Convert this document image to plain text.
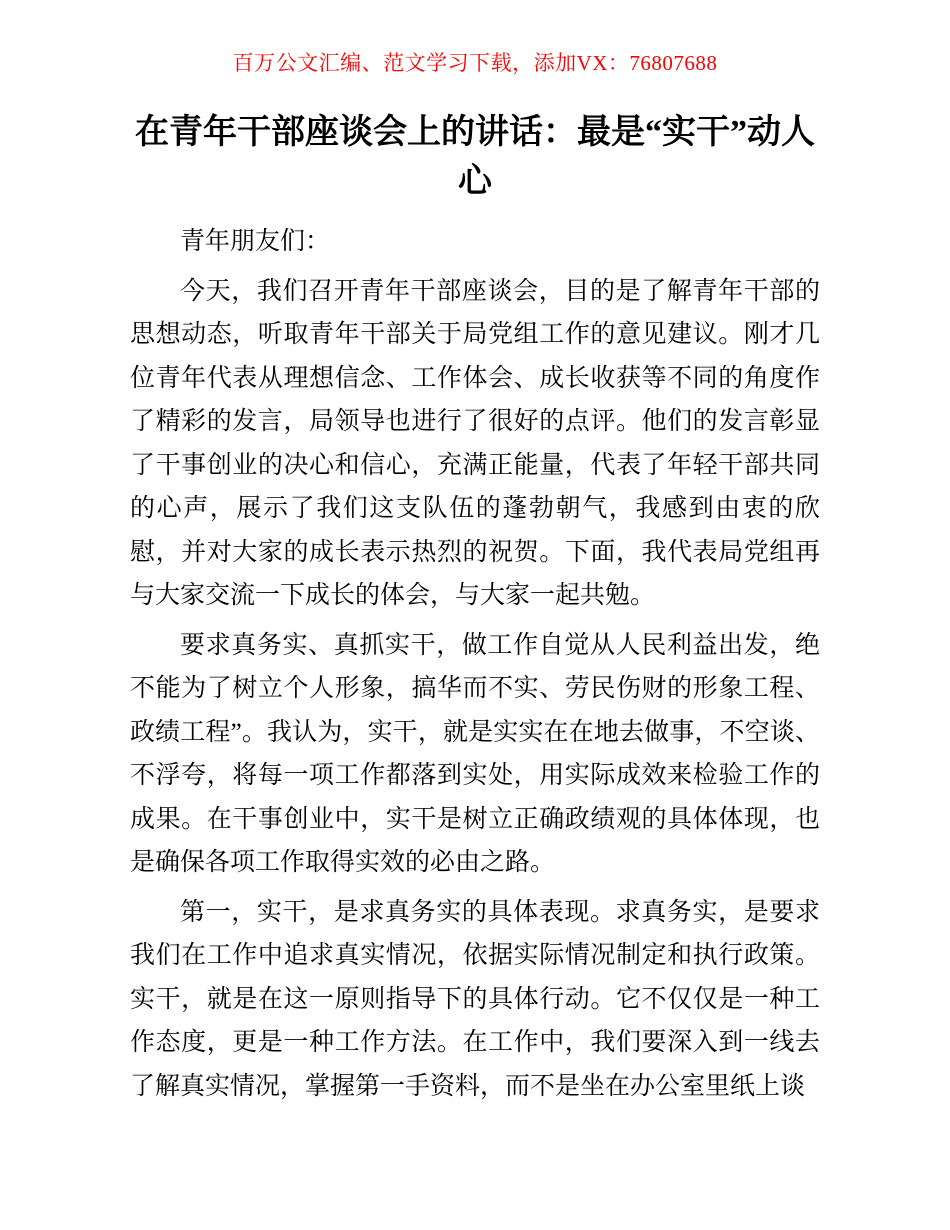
百万公文汇编、范文学习下载，添加VX：76807688
在青年干部座谈会上的讲话：最是“实干”动人心

青年朋友们：

今天，我们召开青年干部座谈会，目的是了解青年干部的思想动态，听取青年干部关于局党组工作的意见建议。刚才几位青年代表从理想信念、工作体会、成长收获等不同的角度作了精彩的发言，局领导也进行了很好的点评。他们的发言彰显了干事创业的决心和信心，充满正能量，代表了年轻干部共同的心声，展示了我们这支队伍的蓬勃朝气，我感到由衷的欣慰，并对大家的成长表示热烈的祝贺。下面，我代表局党组再与大家交流一下成长的体会，与大家一起共勉。

要求真务实、真抓实干，做工作自觉从人民利益出发，绝不能为了树立个人形象，搞华而不实、劳民伤财的形象工程、政绩工程”。我认为，实干，就是实实在在地去做事，不空谈、不浮夸，将每一项工作都落到实处，用实际成效来检验工作的成果。在干事创业中，实干是树立正确政绩观的具体体现，也是确保各项工作取得实效的必由之路。

第一，实干，是求真务实的具体表现。求真务实，是要求我们在工作中追求真实情况，依据实际情况制定和执行政策。实干，就是在这一原则指导下的具体行动。它不仅仅是一种工作态度，更是一种工作方法。在工作中，我们要深入到一线去了解真实情况，掌握第一手资料，而不是坐在办公室里纸上谈
